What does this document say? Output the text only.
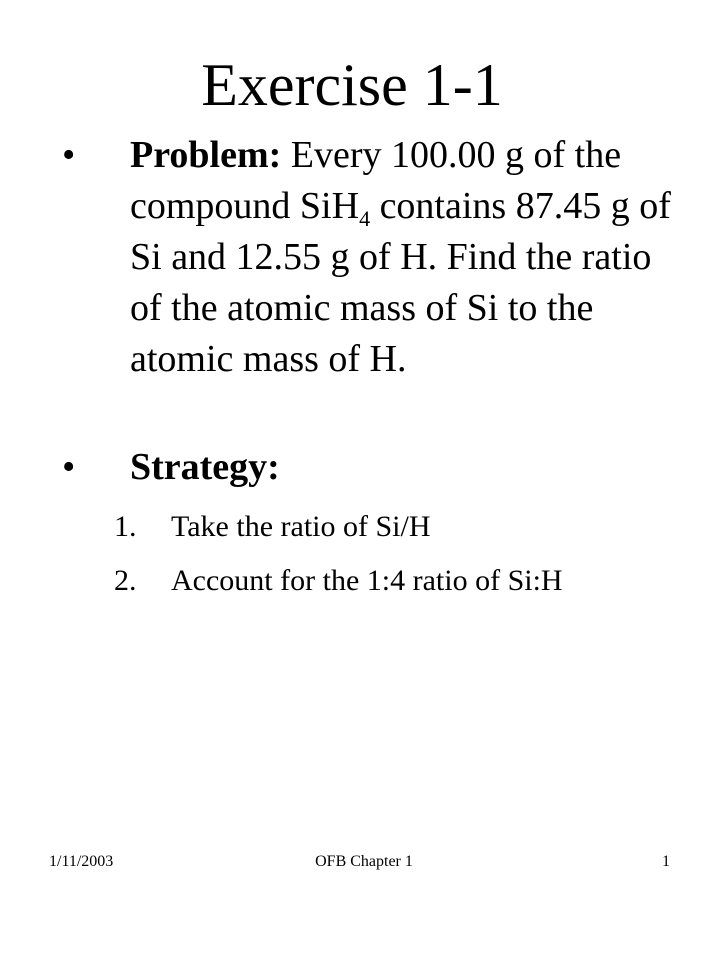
Exercise 1-1
• Problem: Every 100.00 g of the compound SiH$_4$ contains 87.45 g of Si and 12.55 g of H. Find the ratio of the atomic mass of Si to the atomic mass of H.
• Strategy:
1. Take the ratio of Si/H
2. Account for the 1:4 ratio of Si:H
1/11/2003	OFB Chapter 1	1
